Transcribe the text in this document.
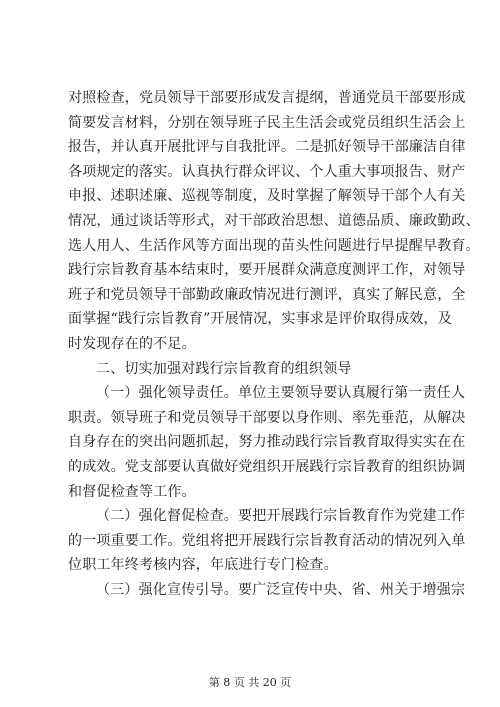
对照检查，党员领导干部要形成发言提纲，普通党员干部要形成
简要发言材料，分别在领导班子民主生活会或党员组织生活会上
报告，并认真开展批评与自我批评。二是抓好领导干部廉洁自律
各项规定的落实。认真执行群众评议、个人重大事项报告、财产
申报、述职述廉、巡视等制度，及时掌握了解领导干部个人有关
情况，通过谈话等形式，对干部政治思想、道德品质、廉政勤政、
选人用人、生活作风等方面出现的苗头性问题进行早提醒早教育。
践行宗旨教育基本结束时，要开展群众满意度测评工作，对领导
班子和党员领导干部勤政廉政情况进行测评，真实了解民意，全
面掌握“践行宗旨教育”开展情况，实事求是评价取得成效，及
时发现存在的不足。
二、切实加强对践行宗旨教育的组织领导
（一）强化领导责任。单位主要领导要认真履行第一责任人
职责。领导班子和党员领导干部要以身作则、率先垂范，从解决
自身存在的突出问题抓起，努力推动践行宗旨教育取得实实在在
的成效。党支部要认真做好党组织开展践行宗旨教育的组织协调
和督促检查等工作。
（二）强化督促检查。要把开展践行宗旨教育作为党建工作
的一项重要工作。党组将把开展践行宗旨教育活动的情况列入单
位职工年终考核内容，年底进行专门检查。
（三）强化宣传引导。要广泛宣传中央、省、州关于增强宗
第 8 页 共 20 页
